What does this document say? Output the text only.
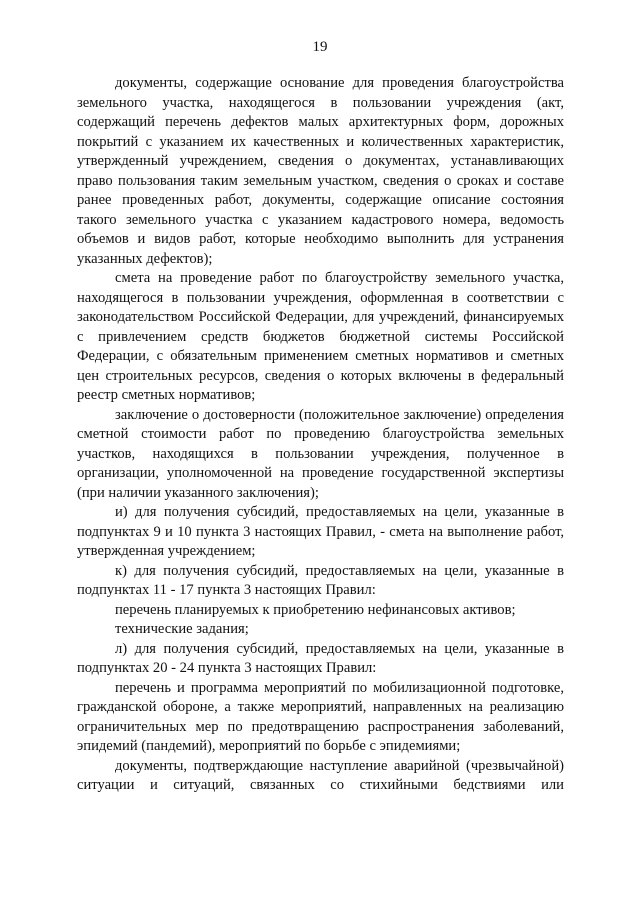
19

документы, содержащие основание для проведения благоустройства земельного участка, находящегося в пользовании учреждения (акт, содержащий перечень дефектов малых архитектурных форм, дорожных покрытий с указанием их качественных и количественных характеристик, утвержденный учреждением, сведения о документах, устанавливающих право пользования таким земельным участком, сведения о сроках и составе ранее проведенных работ, документы, содержащие описание состояния такого земельного участка с указанием кадастрового номера, ведомость объемов и видов работ, которые необходимо выполнить для устранения указанных дефектов);

смета на проведение работ по благоустройству земельного участка, находящегося в пользовании учреждения, оформленная в соответствии с законодательством Российской Федерации, для учреждений, финансируемых с привлечением средств бюджетов бюджетной системы Российской Федерации, с обязательным применением сметных нормативов и сметных цен строительных ресурсов, сведения о которых включены в федеральный реестр сметных нормативов;

заключение о достоверности (положительное заключение) определения сметной стоимости работ по проведению благоустройства земельных участков, находящихся в пользовании учреждения, полученное в организации, уполномоченной на проведение государственной экспертизы (при наличии указанного заключения);

и) для получения субсидий, предоставляемых на цели, указанные в подпунктах 9 и 10 пункта 3 настоящих Правил, - смета на выполнение работ, утвержденная учреждением;

к) для получения субсидий, предоставляемых на цели, указанные в подпунктах 11 - 17 пункта 3 настоящих Правил:

перечень планируемых к приобретению нефинансовых активов;

технические задания;

л) для получения субсидий, предоставляемых на цели, указанные в подпунктах 20 - 24 пункта 3 настоящих Правил:

перечень и программа мероприятий по мобилизационной подготовке, гражданской обороне, а также мероприятий, направленных на реализацию ограничительных мер по предотвращению распространения заболеваний, эпидемий (пандемий), мероприятий по борьбе с эпидемиями;

документы, подтверждающие наступление аварийной (чрезвычайной) ситуации и ситуаций, связанных со стихийными бедствиями или
